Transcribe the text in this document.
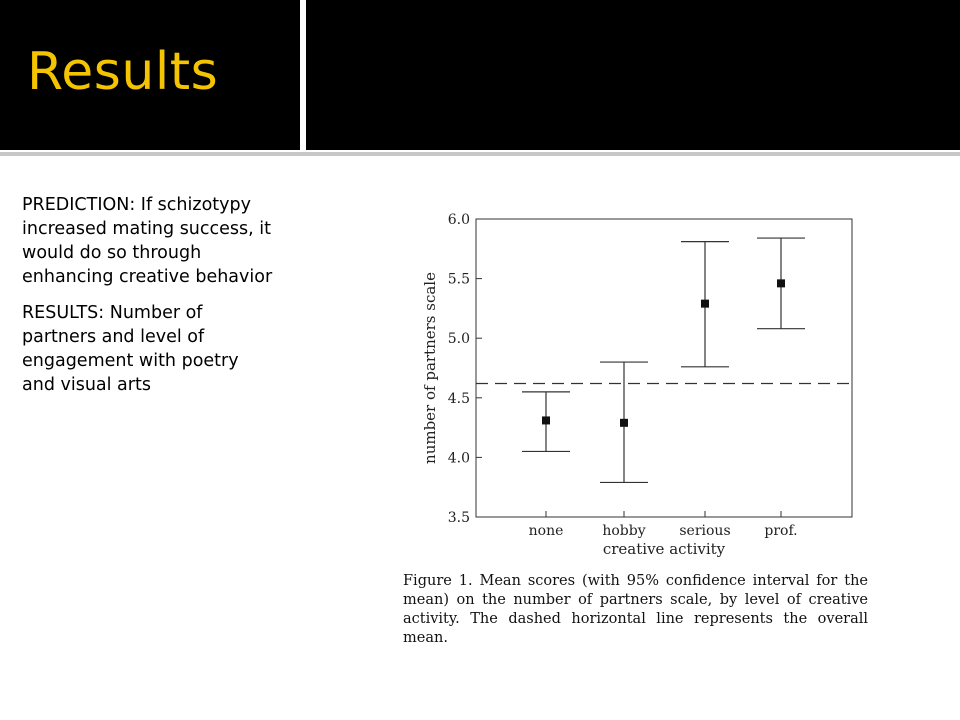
Results

PREDICTION: If schizotypy increased mating success, it would do so through enhancing creative behavior

RESULTS: Number of partners and level of engagement with poetry and visual arts

3.5
4.0
4.5
5.0
5.5
6.0
none	hobby serious prof.
number of partners scale
creative activity
Figure 1. Mean scores (with 95% confidence interval for the mean) on the number of partners scale, by level of creative activity. The dashed horizontal line represents the overall mean.
